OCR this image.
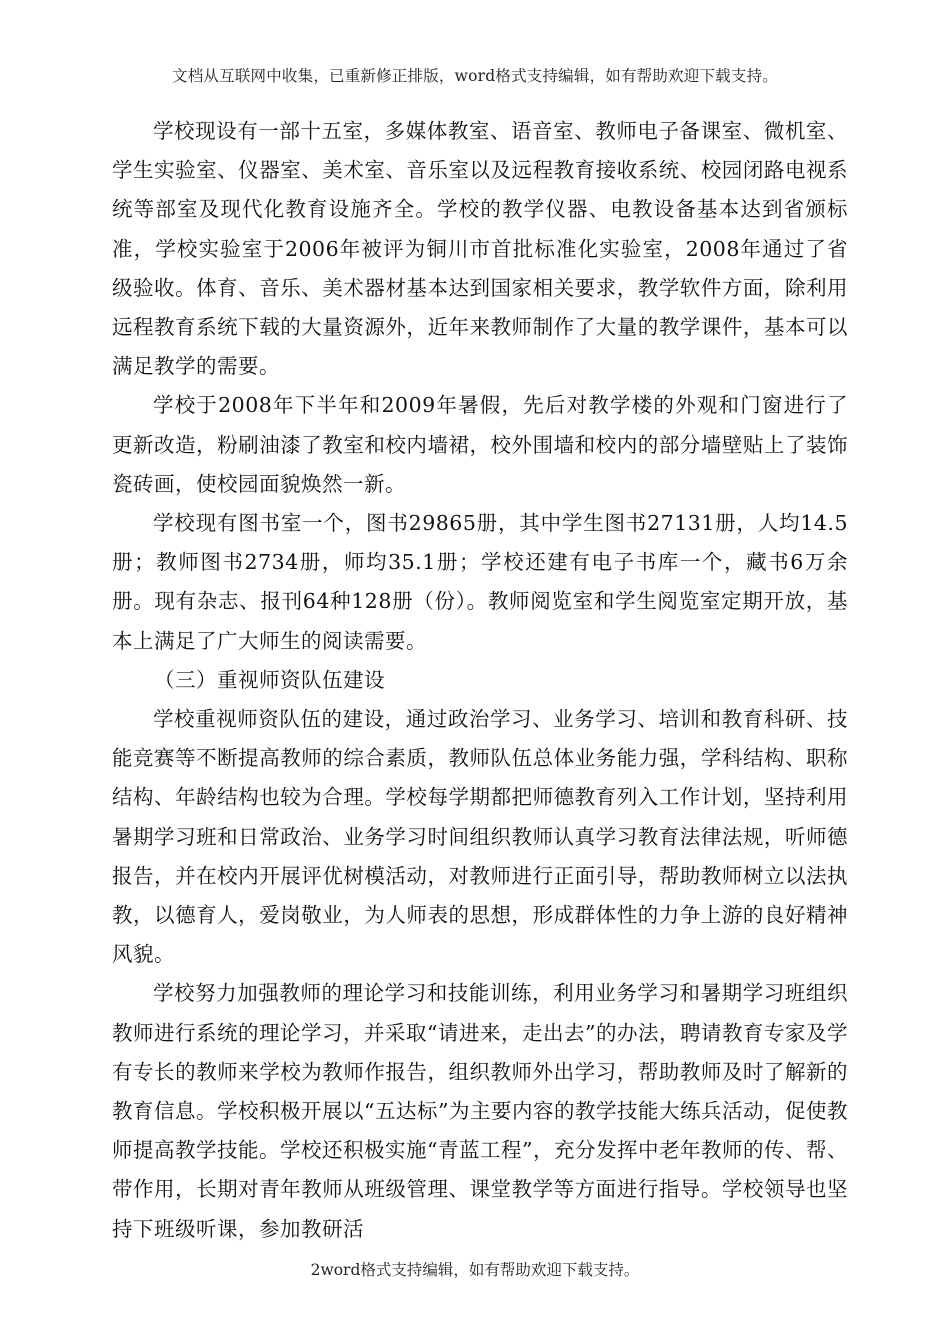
文档从互联网中收集，已重新修正排版，word格式支持编辑，如有帮助欢迎下载支持。

学校现设有一部十五室，多媒体教室、语音室、教师电子备课室、微机室、学生实验室、仪器室、美术室、音乐室以及远程教育接收系统、校园闭路电视系统等部室及现代化教育设施齐全。学校的教学仪器、电教设备基本达到省颁标准，学校实验室于2006年被评为铜川市首批标准化实验室，2008年通过了省级验收。体育、音乐、美术器材基本达到国家相关要求，教学软件方面，除利用远程教育系统下载的大量资源外，近年来教师制作了大量的教学课件，基本可以满足教学的需要。

学校于2008年下半年和2009年暑假，先后对教学楼的外观和门窗进行了更新改造，粉刷油漆了教室和校内墙裙，校外围墙和校内的部分墙壁贴上了装饰瓷砖画，使校园面貌焕然一新。

学校现有图书室一个，图书29865册，其中学生图书27131册，人均14.5册；教师图书2734册，师均35.1册；学校还建有电子书库一个，藏书6万余册。现有杂志、报刊64种128册（份）。教师阅览室和学生阅览室定期开放，基本上满足了广大师生的阅读需要。

（三）重视师资队伍建设

学校重视师资队伍的建设，通过政治学习、业务学习、培训和教育科研、技能竞赛等不断提高教师的综合素质，教师队伍总体业务能力强，学科结构、职称结构、年龄结构也较为合理。学校每学期都把师德教育列入工作计划，坚持利用暑期学习班和日常政治、业务学习时间组织教师认真学习教育法律法规，听师德报告，并在校内开展评优树模活动，对教师进行正面引导，帮助教师树立以法执教，以德育人，爱岗敬业，为人师表的思想，形成群体性的力争上游的良好精神风貌。

学校努力加强教师的理论学习和技能训练，利用业务学习和暑期学习班组织教师进行系统的理论学习，并采取“请进来，走出去”的办法，聘请教育专家及学有专长的教师来学校为教师作报告，组织教师外出学习，帮助教师及时了解新的教育信息。学校积极开展以“五达标”为主要内容的教学技能大练兵活动，促使教师提高教学技能。学校还积极实施“青蓝工程”，充分发挥中老年教师的传、帮、带作用，长期对青年教师从班级管理、课堂教学等方面进行指导。学校领导也坚持下班级听课，参加教研活

2word格式支持编辑，如有帮助欢迎下载支持。
